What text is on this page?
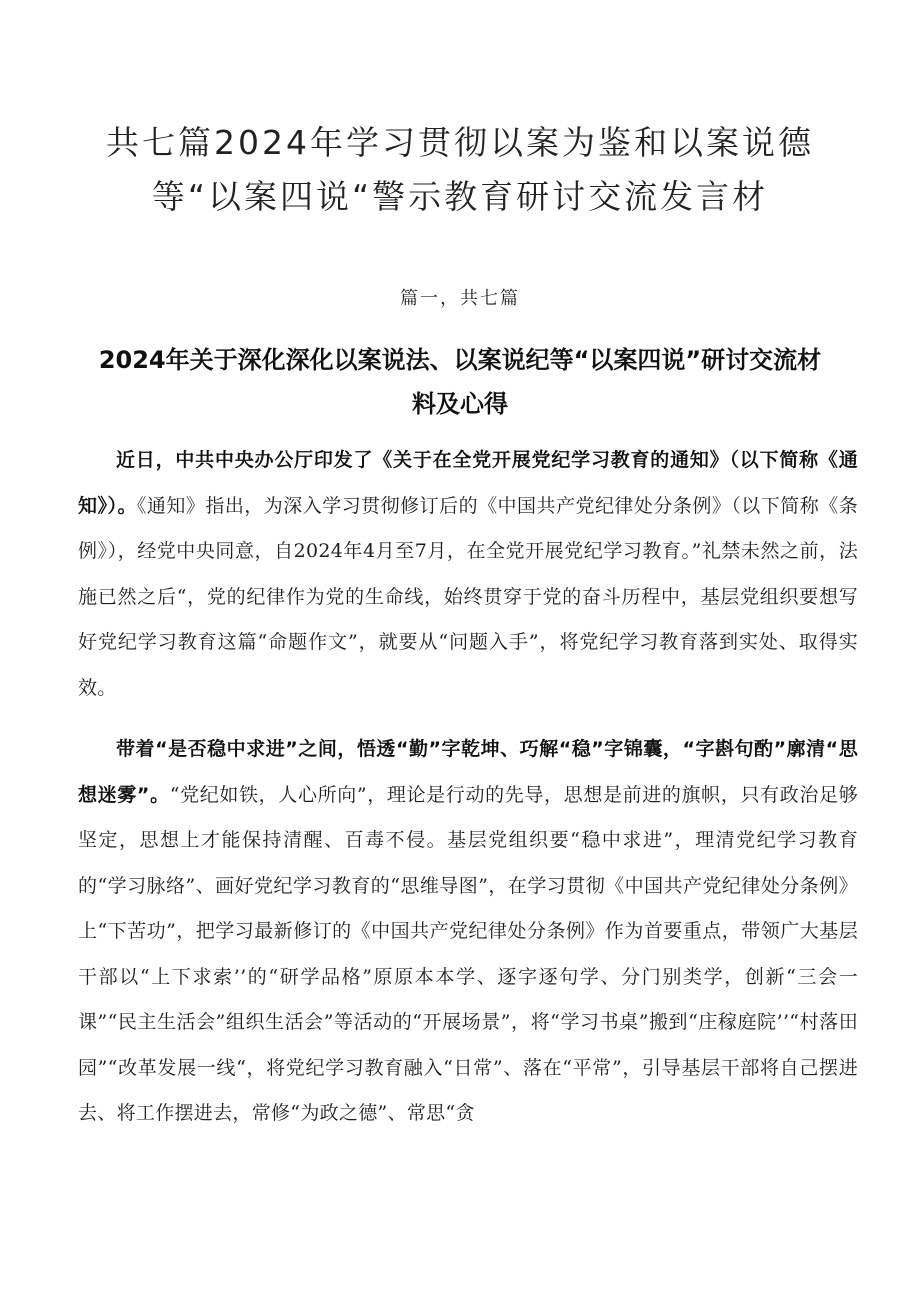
共七篇2024年学习贯彻以案为鉴和以案说德等“以案四说“警示教育研讨交流发言材
篇一，共七篇
2024年关于深化深化以案说法、以案说纪等“以案四说”研讨交流材料及心得

近日，中共中央办公厅印发了《关于在全党开展党纪学习教育的通知》（以下简称《通知》）。《通知》指出，为深入学习贯彻修订后的《中国共产党纪律处分条例》（以下简称《条例》），经党中央同意，自2024年4月至7月，在全党开展党纪学习教育。”礼禁未然之前，法施已然之后“，党的纪律作为党的生命线，始终贯穿于党的奋斗历程中，基层党组织要想写好党纪学习教育这篇“命题作文”，就要从“问题入手”，将党纪学习教育落到实处、取得实效。

带着“是否稳中求进”之间，悟透“勤”字乾坤、巧解“稳”字锦囊，“字斟句酌”廓清“思想迷雾”。“党纪如铁，人心所向”，理论是行动的先导，思想是前进的旗帜，只有政治足够坚定，思想上才能保持清醒、百毒不侵。基层党组织要“稳中求进”，理清党纪学习教育的“学习脉络”、画好党纪学习教育的“思维导图”，在学习贯彻《中国共产党纪律处分条例》上“下苦功”，把学习最新修订的《中国共产党纪律处分条例》作为首要重点，带领广大基层干部以“上下求索’’的“研学品格”原原本本学、逐字逐句学、分门别类学，创新“三会一课”“民主生活会”组织生活会”等活动的“开展场景”，将“学习书桌”搬到“庄稼庭院’’“村落田园”“改革发展一线“，将党纪学习教育融入“日常”、落在“平常”，引导基层干部将自己摆进去、将工作摆进去，常修“为政之德”、常思“贪
